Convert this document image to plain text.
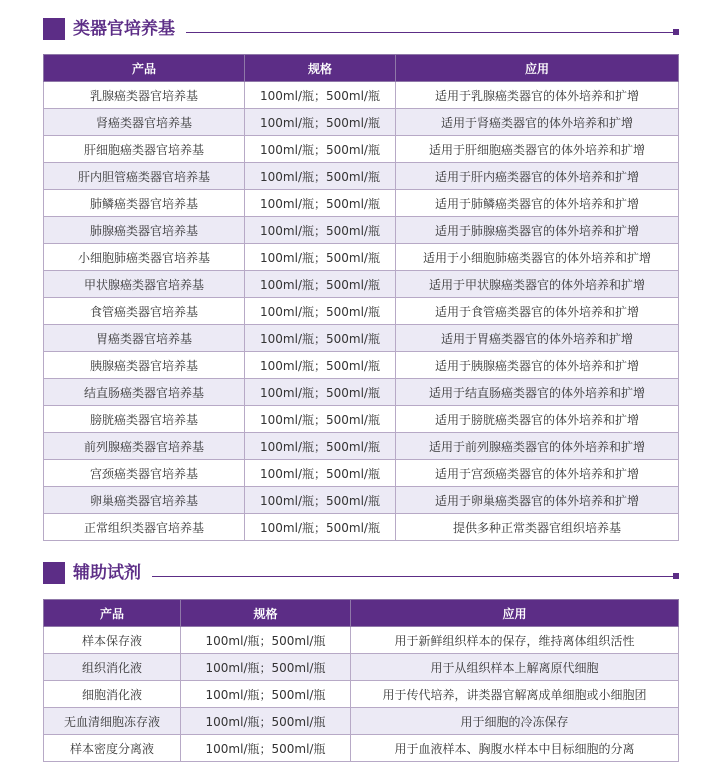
类器官培养基
产品	规格	应用
乳腺癌类器官培养基	100ml/瓶；500ml/瓶	适用于乳腺癌类器官的体外培养和扩增
肾癌类器官培养基	100ml/瓶；500ml/瓶	适用于肾癌类器官的体外培养和扩增
肝细胞癌类器官培养基	100ml/瓶；500ml/瓶	适用于肝细胞癌类器官的体外培养和扩增
肝内胆管癌类器官培养基	100ml/瓶；500ml/瓶	适用于肝内癌类器官的体外培养和扩增
肺鳞癌类器官培养基	100ml/瓶；500ml/瓶	适用于肺鳞癌类器官的体外培养和扩增
肺腺癌类器官培养基	100ml/瓶；500ml/瓶	适用于肺腺癌类器官的体外培养和扩增
小细胞肺癌类器官培养基	100ml/瓶；500ml/瓶	适用于小细胞肺癌类器官的体外培养和扩增
甲状腺癌类器官培养基	100ml/瓶；500ml/瓶	适用于甲状腺癌类器官的体外培养和扩增
食管癌类器官培养基	100ml/瓶；500ml/瓶	适用于食管癌类器官的体外培养和扩增
胃癌类器官培养基	100ml/瓶；500ml/瓶	适用于胃癌类器官的体外培养和扩增
胰腺癌类器官培养基	100ml/瓶；500ml/瓶	适用于胰腺癌类器官的体外培养和扩增
结直肠癌类器官培养基	100ml/瓶；500ml/瓶	适用于结直肠癌类器官的体外培养和扩增
膀胱癌类器官培养基	100ml/瓶；500ml/瓶	适用于膀胱癌类器官的体外培养和扩增
前列腺癌类器官培养基	100ml/瓶；500ml/瓶	适用于前列腺癌类器官的体外培养和扩增
宫颈癌类器官培养基	100ml/瓶；500ml/瓶	适用于宫颈癌类器官的体外培养和扩增
卵巢癌类器官培养基	100ml/瓶；500ml/瓶	适用于卵巢癌类器官的体外培养和扩增
正常组织类器官培养基	100ml/瓶；500ml/瓶	提供多种正常类器官组织培养基
辅助试剂
产品	规格	应用
样本保存液	100ml/瓶；500ml/瓶	用于新鲜组织样本的保存，维持离体组织活性
组织消化液	100ml/瓶；500ml/瓶	用于从组织样本上解离原代细胞
细胞消化液	100ml/瓶；500ml/瓶	用于传代培养，讲类器官解离成单细胞或小细胞团
无血清细胞冻存液	100ml/瓶；500ml/瓶	用于细胞的冷冻保存
样本密度分离液	100ml/瓶；500ml/瓶	用于血液样本、胸腹水样本中目标细胞的分离
